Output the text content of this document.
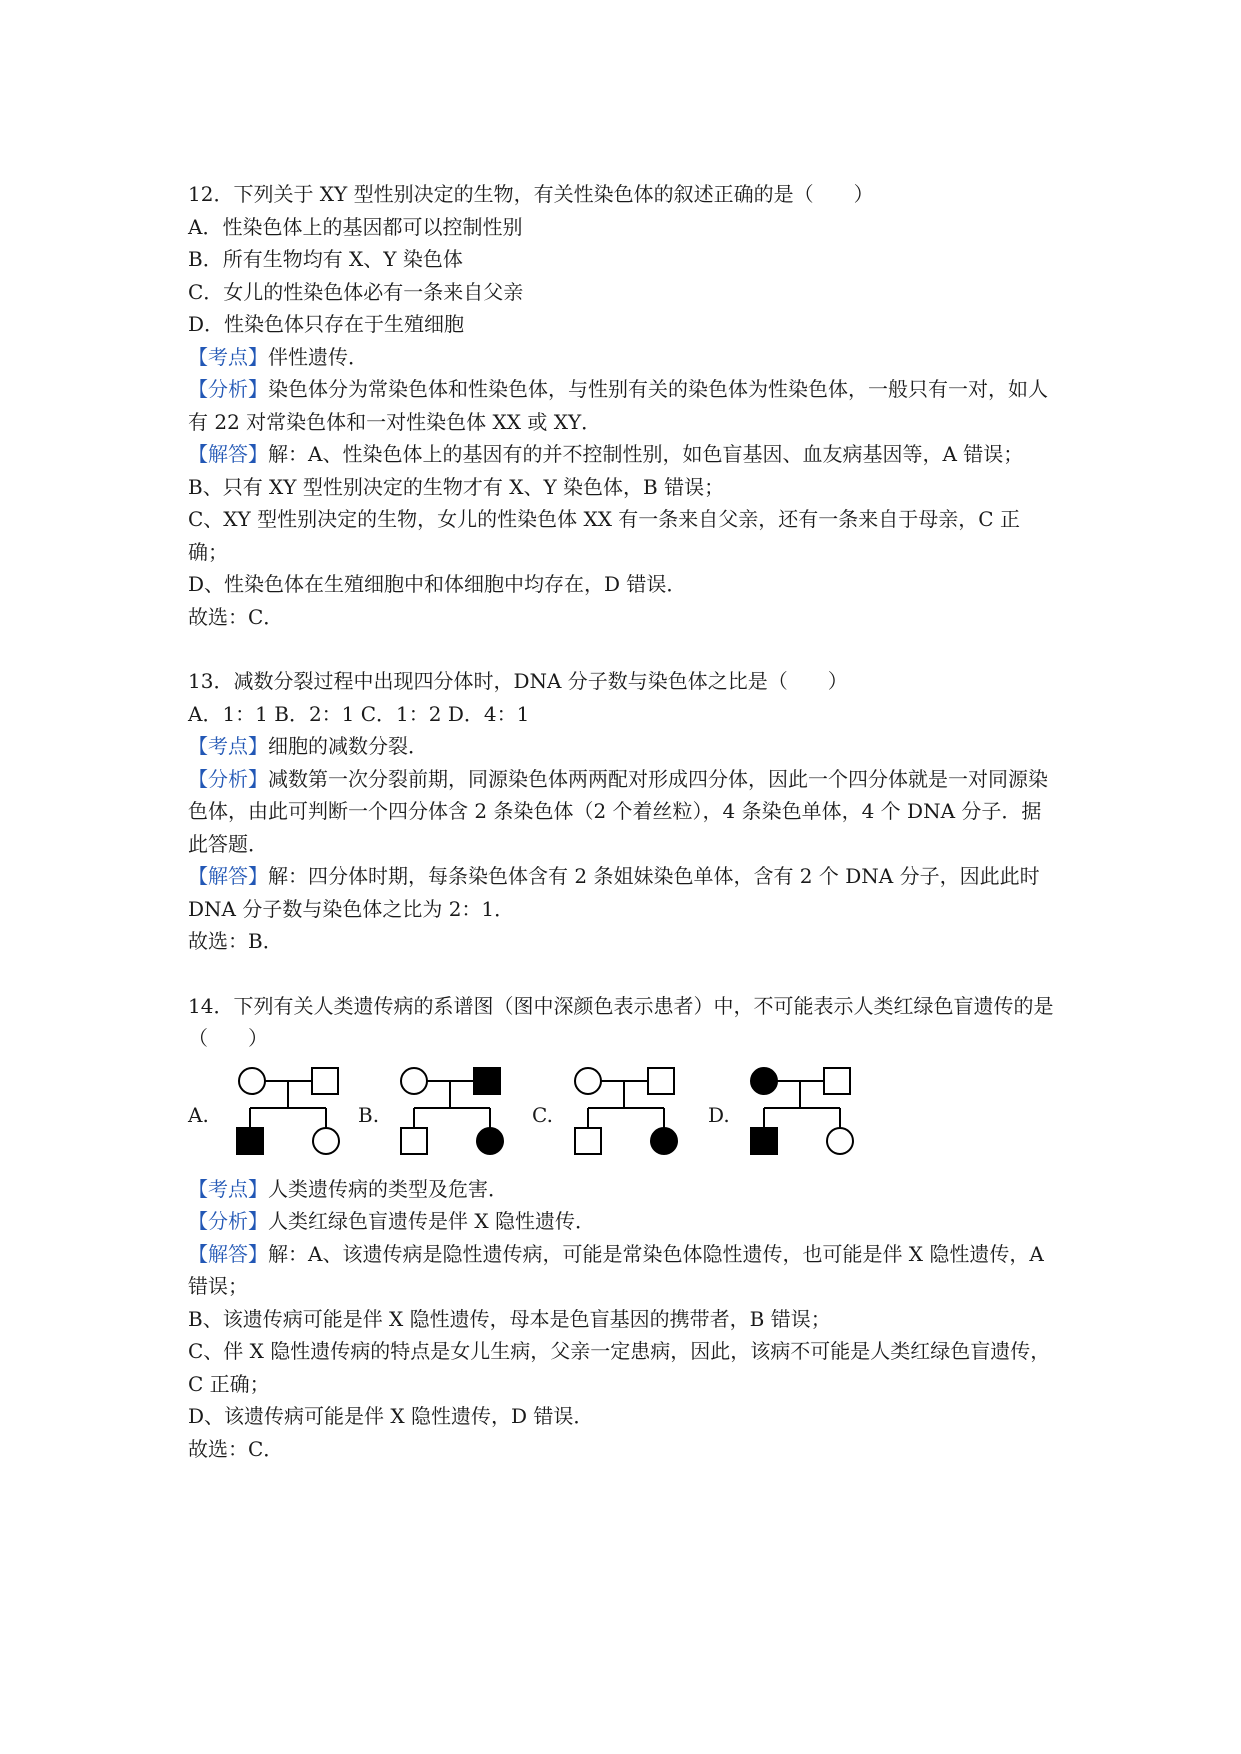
12．下列关于 XY 型性别决定的生物，有关性染色体的叙述正确的是（　　）
A．性染色体上的基因都可以控制性别
B．所有生物均有 X、Y 染色体
C．女儿的性染色体必有一条来自父亲
D．性染色体只存在于生殖细胞
【考点】伴性遗传．
【分析】染色体分为常染色体和性染色体，与性别有关的染色体为性染色体，一般只有一对，如人有 22 对常染色体和一对性染色体 XX 或 XY．
【解答】解：A、性染色体上的基因有的并不控制性别，如色盲基因、血友病基因等，A 错误；
B、只有 XY 型性别决定的生物才有 X、Y 染色体，B 错误；
C、XY 型性别决定的生物，女儿的性染色体 XX 有一条来自父亲，还有一条来自于母亲，C 正确；
D、性染色体在生殖细胞中和体细胞中均存在，D 错误．
故选：C．
13．减数分裂过程中出现四分体时，DNA 分子数与染色体之比是（　　）
A．1：1 B．2：1 C．1：2 D．4：1
【考点】细胞的减数分裂．
【分析】减数第一次分裂前期，同源染色体两两配对形成四分体，因此一个四分体就是一对同源染色体，由此可判断一个四分体含 2 条染色体（2 个着丝粒），4 条染色单体，4 个 DNA 分子．据此答题．
【解答】解：四分体时期，每条染色体含有 2 条姐妹染色单体，含有 2 个 DNA 分子，因此此时 DNA 分子数与染色体之比为 2：1．
故选：B．
14．下列有关人类遗传病的系谱图（图中深颜色表示患者）中，不可能表示人类红绿色盲遗传的是（　　）
A.	B.	C.	D.
【考点】人类遗传病的类型及危害．
【分析】人类红绿色盲遗传是伴 X 隐性遗传．
【解答】解：A、该遗传病是隐性遗传病，可能是常染色体隐性遗传，也可能是伴 X 隐性遗传，A 错误；
B、该遗传病可能是伴 X 隐性遗传，母本是色盲基因的携带者，B 错误；
C、伴 X 隐性遗传病的特点是女儿生病，父亲一定患病，因此，该病不可能是人类红绿色盲遗传，C 正确；
D、该遗传病可能是伴 X 隐性遗传，D 错误．
故选：C．
